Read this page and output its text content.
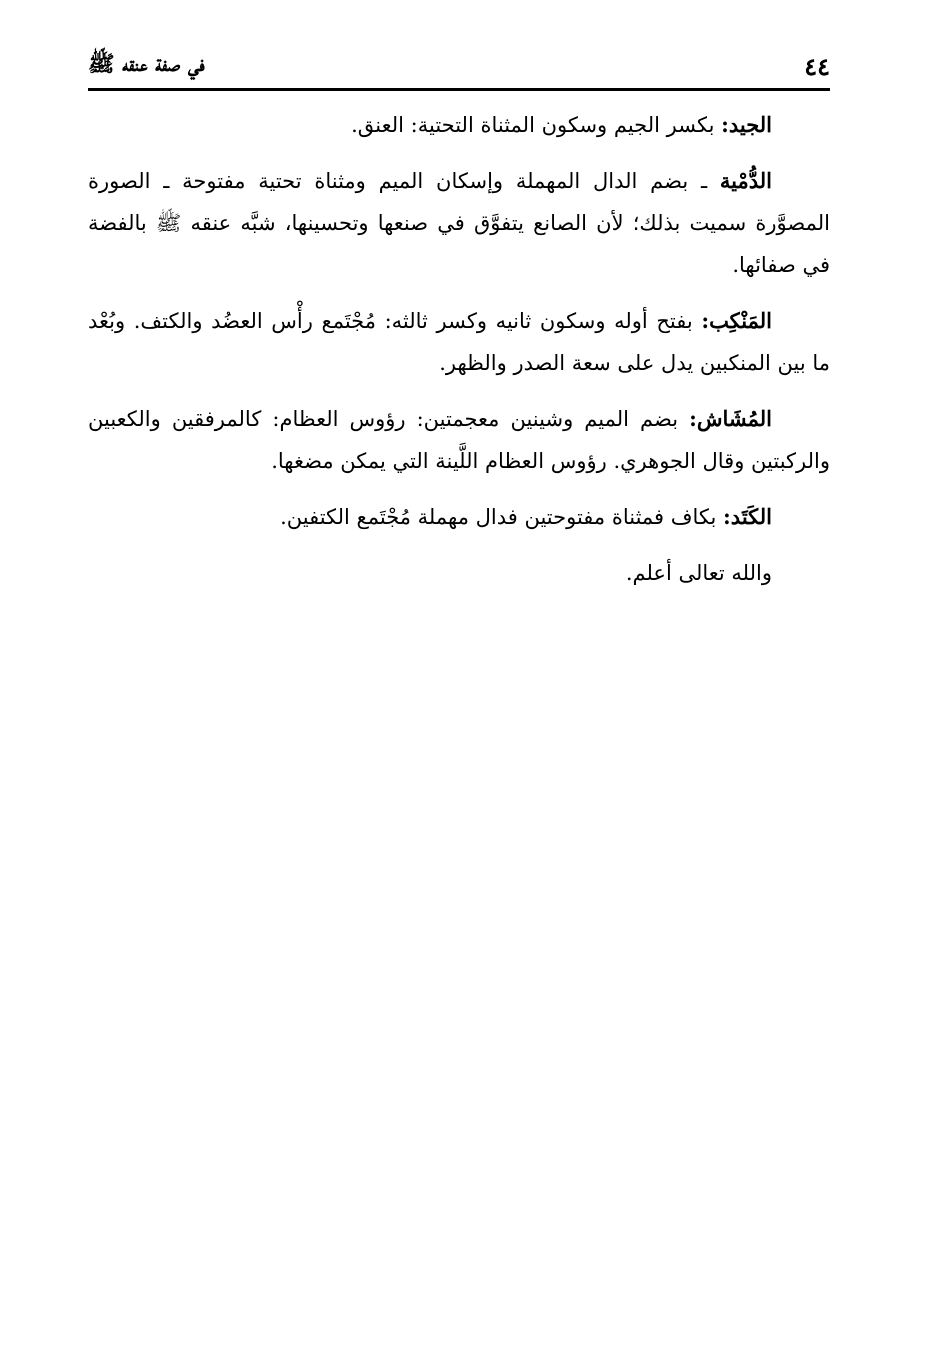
٤٤
في صفة عنقه ﷺ

الجيد: بكسر الجيم وسكون المثناة التحتية: العنق.

الدُّمْية ـ بضم الدال المهملة وإسكان الميم ومثناة تحتية مفتوحة ـ الصورة المصوَّرة سميت بذلك؛ لأن الصانع يتفوَّق في صنعها وتحسينها، شبَّه عنقه ﷺ بالفضة في صفائها.

المَنْكِب: بفتح أوله وسكون ثانيه وكسر ثالثه: مُجْتَمع رأْس العضُد والكتف. وبُعْد ما بين المنكبين يدل على سعة الصدر والظهر.

المُشَاش: بضم الميم وشينين معجمتين: رؤوس العظام: كالمرفقين والكعبين والركبتين وقال الجوهري. رؤوس العظام اللَّينة التي يمكن مضغها.

الكَتَد: بكاف فمثناة مفتوحتين فدال مهملة مُجْتَمع الكتفين.

والله تعالى أعلم.
